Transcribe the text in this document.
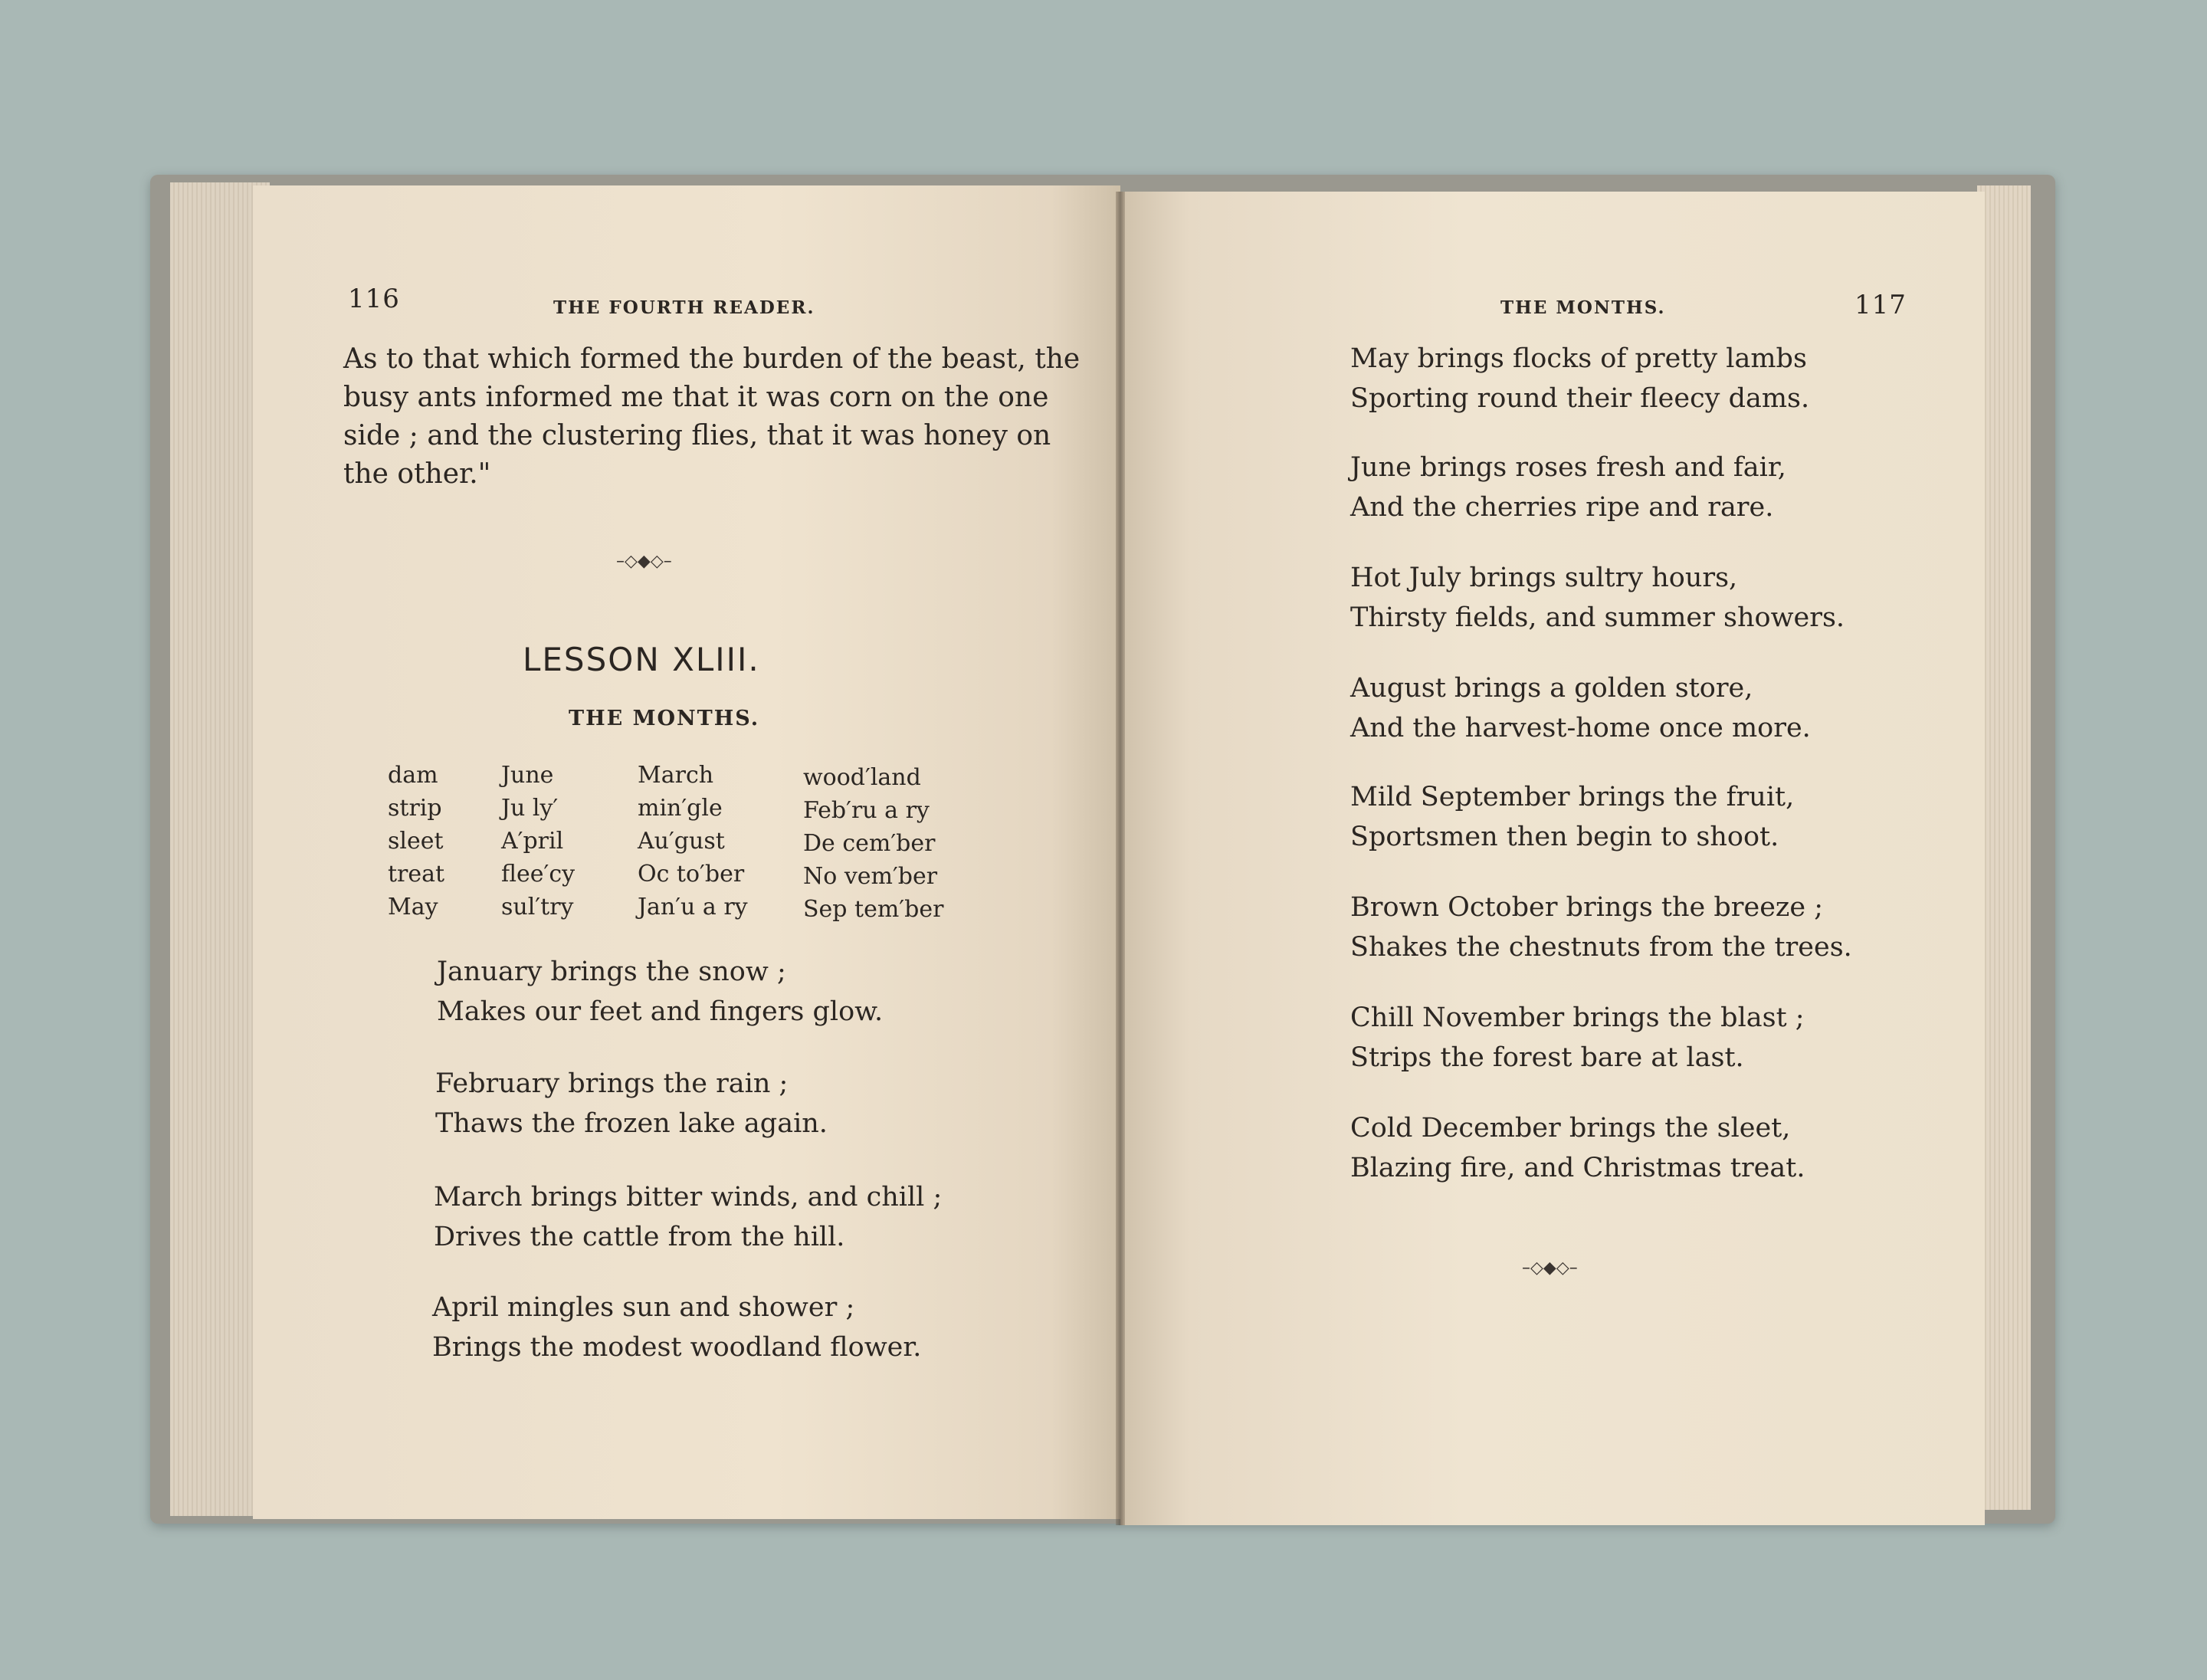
116	THE FOURTH READER.
As to that which formed the burden of the beast, the
busy ants informed me that it was corn on the one
side ; and the clustering flies, that it was honey on
the other."
–◇◆◇–
LESSON XLIII.
THE MONTHS.
dam
strip
sleet
treat
May
June
Ju ly′
A′pril
flee′cy
sul′try
March
min′gle
Au′gust
Oc to′ber
Jan′u a ry
wood′land
Feb′ru a ry
De cem′ber
No vem′ber
Sep tem′ber
January brings the snow ;
Makes our feet and fingers glow.
February brings the rain ;
Thaws the frozen lake again.
March brings bitter winds, and chill ;
Drives the cattle from the hill.
April mingles sun and shower ;
Brings the modest woodland flower.
THE MONTHS.	117
May brings flocks of pretty lambs
Sporting round their fleecy dams.
June brings roses fresh and fair,
And the cherries ripe and rare.
Hot July brings sultry hours,
Thirsty fields, and summer showers.
August brings a golden store,
And the harvest-home once more.
Mild September brings the fruit,
Sportsmen then begin to shoot.
Brown October brings the breeze ;
Shakes the chestnuts from the trees.
Chill November brings the blast ;
Strips the forest bare at last.
Cold December brings the sleet,
Blazing fire, and Christmas treat.
–◇◆◇–
